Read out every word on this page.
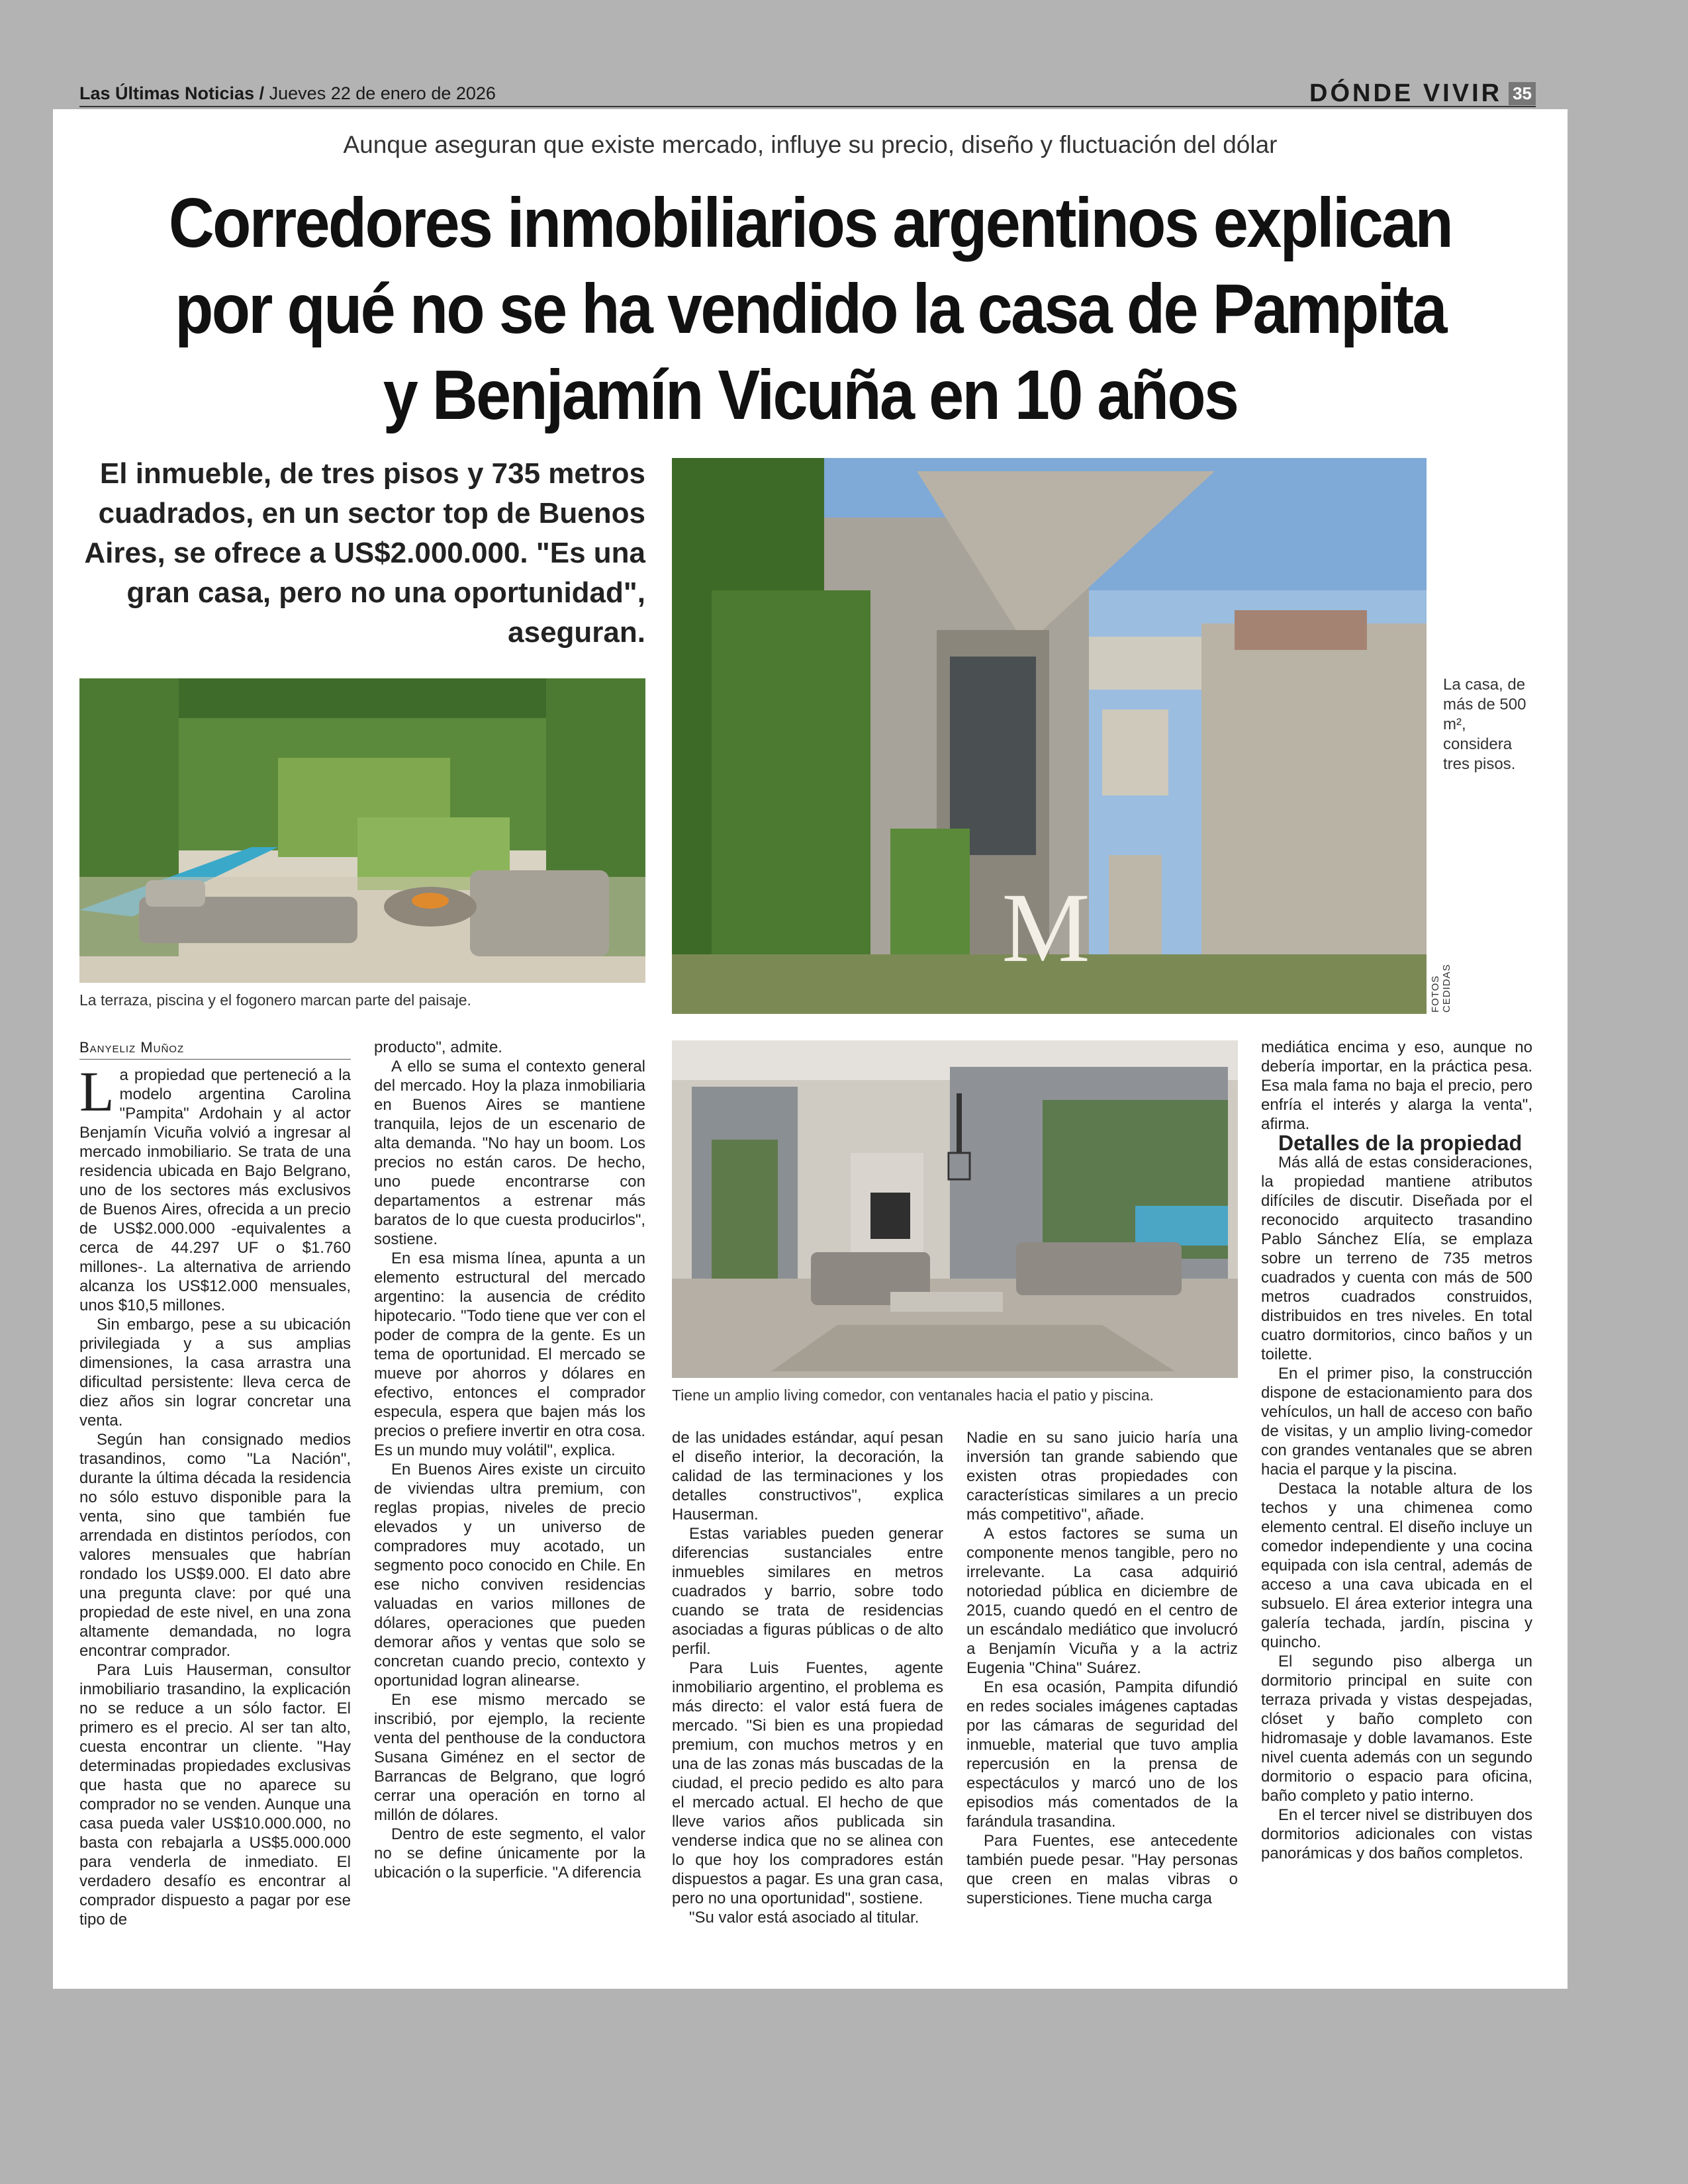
Las Últimas Noticias / Jueves 22 de enero de 2026	DÓNDE VIVIR 35
Aunque aseguran que existe mercado, influye su precio, diseño y fluctuación del dólar
Corredores inmobiliarios argentinos explican
por qué no se ha vendido la casa de Pampita
y Benjamín Vicuña en 10 años
El inmueble, de tres pisos y 735 metros cuadrados, en un sector top de Buenos Aires, se ofrece a US$2.000.000. "Es una gran casa, pero no una oportunidad", aseguran.
La terraza, piscina y el fogonero marcan parte del paisaje.
M
FOTOS CEDIDAS
La casa, de más de 500 m², considera tres pisos.
Tiene un amplio living comedor, con ventanales hacia el patio y piscina.
Banyeliz Muñoz

La propiedad que perteneció a la modelo argentina Carolina "Pampita" Ardohain y al actor Benjamín Vicuña volvió a ingresar al mercado inmobiliario. Se trata de una residencia ubicada en Bajo Belgrano, uno de los sectores más exclusivos de Buenos Aires, ofrecida a un precio de US$2.000.000 -equivalentes a cerca de 44.297 UF o $1.760 millones-. La alternativa de arriendo alcanza los US$12.000 mensuales, unos $10,5 millones.

Sin embargo, pese a su ubicación privilegiada y a sus amplias dimensiones, la casa arrastra una dificultad persistente: lleva cerca de diez años sin lograr concretar una venta.

Según han consignado medios trasandinos, como "La Nación", durante la última década la residencia no sólo estuvo disponible para la venta, sino que también fue arrendada en distintos períodos, con valores mensuales que habrían rondado los US$9.000. El dato abre una pregunta clave: por qué una propiedad de este nivel, en una zona altamente demandada, no logra encontrar comprador.

Para Luis Hauserman, consultor inmobiliario trasandino, la explicación no se reduce a un sólo factor. El primero es el precio. Al ser tan alto, cuesta encontrar un cliente. "Hay determinadas propiedades exclusivas que hasta que no aparece su comprador no se venden. Aunque una casa pueda valer US$10.000.000, no basta con rebajarla a US$5.000.000 para venderla de inmediato. El verdadero desafío es encontrar al comprador dispuesto a pagar por ese tipo de

producto", admite.

A ello se suma el contexto general del mercado. Hoy la plaza inmobiliaria en Buenos Aires se mantiene tranquila, lejos de un escenario de alta demanda. "No hay un boom. Los precios no están caros. De hecho, uno puede encontrarse con departamentos a estrenar más baratos de lo que cuesta producirlos", sostiene.

En esa misma línea, apunta a un elemento estructural del mercado argentino: la ausencia de crédito hipotecario. "Todo tiene que ver con el poder de compra de la gente. Es un tema de oportunidad. El mercado se mueve por ahorros y dólares en efectivo, entonces el comprador especula, espera que bajen más los precios o prefiere invertir en otra cosa. Es un mundo muy volátil", explica.

En Buenos Aires existe un circuito de viviendas ultra premium, con reglas propias, niveles de precio elevados y un universo de compradores muy acotado, un segmento poco conocido en Chile. En ese nicho conviven residencias valuadas en varios millones de dólares, operaciones que pueden demorar años y ventas que solo se concretan cuando precio, contexto y oportunidad logran alinearse.

En ese mismo mercado se inscribió, por ejemplo, la reciente venta del penthouse de la conductora Susana Giménez en el sector de Barrancas de Belgrano, que logró cerrar una operación en torno al millón de dólares.

Dentro de este segmento, el valor no se define únicamente por la ubicación o la superficie. "A diferencia

de las unidades estándar, aquí pesan el diseño interior, la decoración, la calidad de las terminaciones y los detalles constructivos", explica Hauserman.

Estas variables pueden generar diferencias sustanciales entre inmuebles similares en metros cuadrados y barrio, sobre todo cuando se trata de residencias asociadas a figuras públicas o de alto perfil.

Para Luis Fuentes, agente inmobiliario argentino, el problema es más directo: el valor está fuera de mercado. "Si bien es una propiedad premium, con muchos metros y en una de las zonas más buscadas de la ciudad, el precio pedido es alto para el mercado actual. El hecho de que lleve varios años publicada sin venderse indica que no se alinea con lo que hoy los compradores están dispuestos a pagar. Es una gran casa, pero no una oportunidad", sostiene.

"Su valor está asociado al titular.

Nadie en su sano juicio haría una inversión tan grande sabiendo que existen otras propiedades con características similares a un precio más competitivo", añade.

A estos factores se suma un componente menos tangible, pero no irrelevante. La casa adquirió notoriedad pública en diciembre de 2015, cuando quedó en el centro de un escándalo mediático que involucró a Benjamín Vicuña y a la actriz Eugenia "China" Suárez.

En esa ocasión, Pampita difundió en redes sociales imágenes captadas por las cámaras de seguridad del inmueble, material que tuvo amplia repercusión en la prensa de espectáculos y marcó uno de los episodios más comentados de la farándula trasandina.

Para Fuentes, ese antecedente también puede pesar. "Hay personas que creen en malas vibras o supersticiones. Tiene mucha carga

mediática encima y eso, aunque no debería importar, en la práctica pesa. Esa mala fama no baja el precio, pero enfría el interés y alarga la venta", afirma.

Detalles de la propiedad

Más allá de estas consideraciones, la propiedad mantiene atributos difíciles de discutir. Diseñada por el reconocido arquitecto trasandino Pablo Sánchez Elía, se emplaza sobre un terreno de 735 metros cuadrados y cuenta con más de 500 metros cuadrados construidos, distribuidos en tres niveles. En total cuatro dormitorios, cinco baños y un toilette.

En el primer piso, la construcción dispone de estacionamiento para dos vehículos, un hall de acceso con baño de visitas, y un amplio living-comedor con grandes ventanales que se abren hacia el parque y la piscina.

Destaca la notable altura de los techos y una chimenea como elemento central. El diseño incluye un comedor independiente y una cocina equipada con isla central, además de acceso a una cava ubicada en el subsuelo. El área exterior integra una galería techada, jardín, piscina y quincho.

El segundo piso alberga un dormitorio principal en suite con terraza privada y vistas despejadas, clóset y baño completo con hidromasaje y doble lavamanos. Este nivel cuenta además con un segundo dormitorio o espacio para oficina, baño completo y patio interno.

En el tercer nivel se distribuyen dos dormitorios adicionales con vistas panorámicas y dos baños completos.
